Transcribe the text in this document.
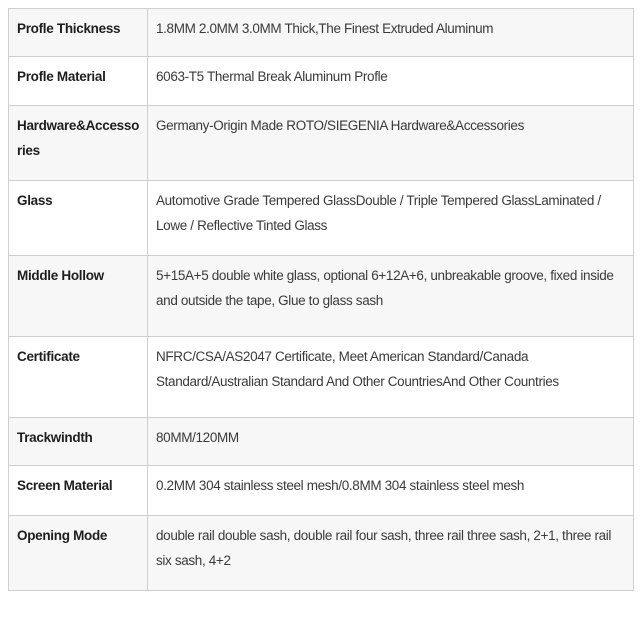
Profle Thickness	1.8MM 2.0MM 3.0MM Thick,The Finest Extruded Aluminum
Profle Material	6063-T5 Thermal Break Aluminum Profle
Hardware&Accessories	Germany-Origin Made ROTO/SIEGENIA Hardware&Accessories
Glass	Automotive Grade Tempered GlassDouble / Triple Tempered GlassLaminated / Lowe / Reflective Tinted Glass
Middle Hollow	5+15A+5 double white glass, optional 6+12A+6, unbreakable groove, fixed inside and outside the tape, Glue to glass sash
Certificate	NFRC/CSA/AS2047 Certificate, Meet American Standard/Canada Standard/Australian Standard And Other CountriesAnd Other Countries
Trackwindth	80MM/120MM
Screen Material	0.2MM 304 stainless steel mesh/0.8MM 304 stainless steel mesh
Opening Mode	double rail double sash, double rail four sash, three rail three sash, 2+1, three rail six sash, 4+2
